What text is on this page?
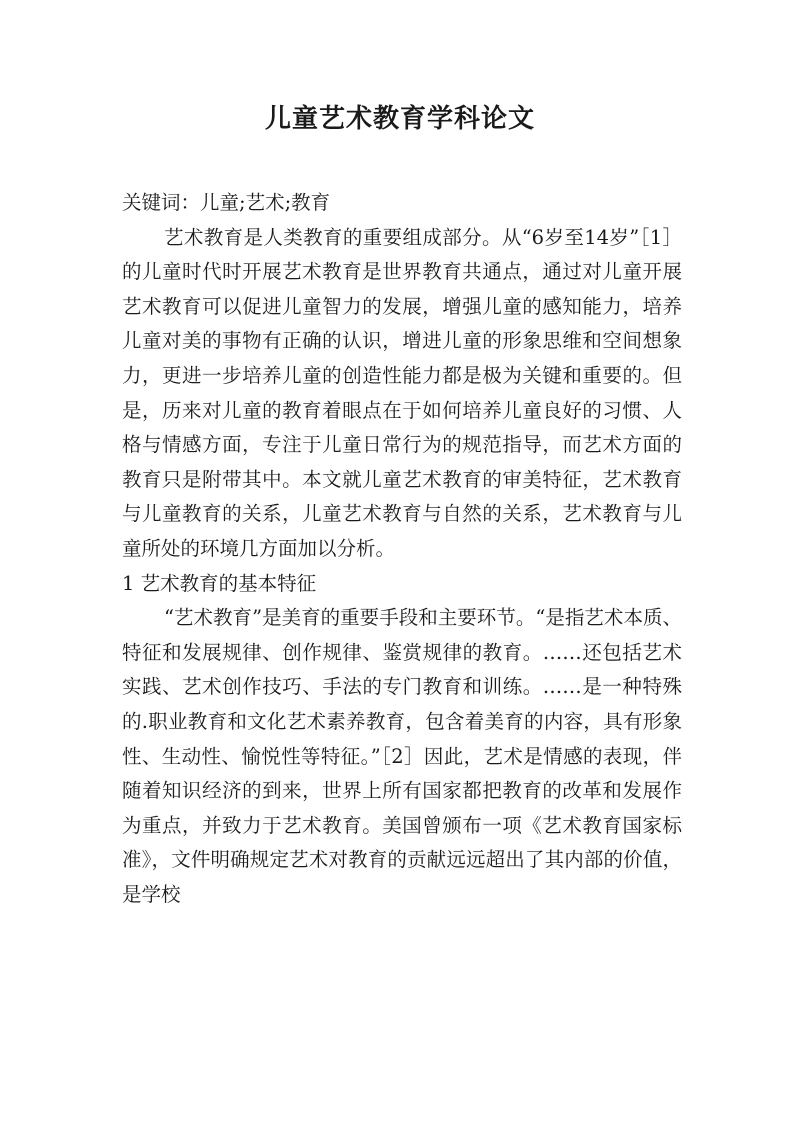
儿童艺术教育学科论文

关键词：儿童;艺术;教育

艺术教育是人类教育的重要组成部分。从“6岁至14岁”［1］的儿童时代时开展艺术教育是世界教育共通点，通过对儿童开展艺术教育可以促进儿童智力的发展，增强儿童的感知能力，培养儿童对美的事物有正确的认识，增进儿童的形象思维和空间想象力，更进一步培养儿童的创造性能力都是极为关键和重要的。但是，历来对儿童的教育着眼点在于如何培养儿童良好的习惯、人格与情感方面，专注于儿童日常行为的规范指导，而艺术方面的教育只是附带其中。本文就儿童艺术教育的审美特征，艺术教育与儿童教育的关系，儿童艺术教育与自然的关系，艺术教育与儿童所处的环境几方面加以分析。

1 艺术教育的基本特征

“艺术教育”是美育的重要手段和主要环节。“是指艺术本质、特征和发展规律、创作规律、鉴赏规律的教育。……还包括艺术实践、艺术创作技巧、手法的专门教育和训练。……是一种特殊的.职业教育和文化艺术素养教育，包含着美育的内容，具有形象性、生动性、愉悦性等特征。”［2］因此，艺术是情感的表现，伴随着知识经济的到来，世界上所有国家都把教育的改革和发展作为重点，并致力于艺术教育。美国曾颁布一项《艺术教育国家标准》，文件明确规定艺术对教育的贡献远远超出了其内部的价值，是学校
